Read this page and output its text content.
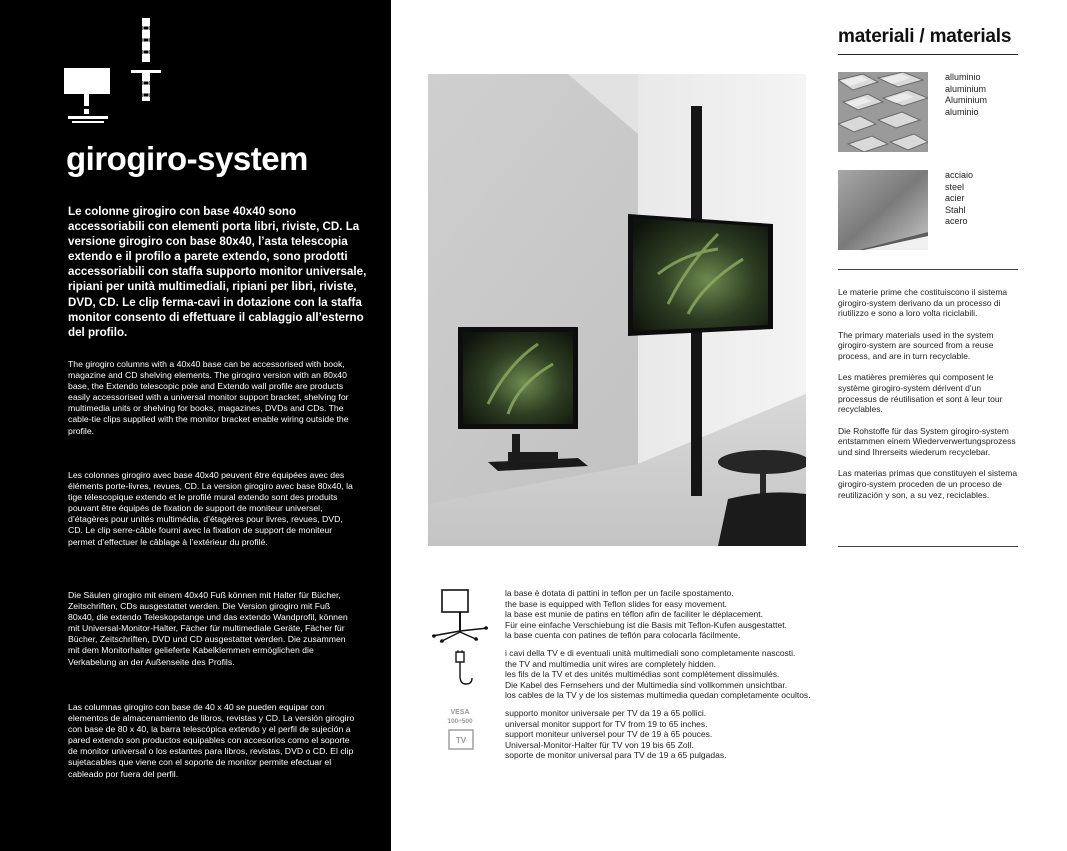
girogiro-system

Le colonne girogiro con base 40x40 sono accessoriabili con elementi porta libri, riviste, CD. La versione girogiro con base 80x40, l’asta telescopia extendo e il profilo a parete extendo, sono prodotti accessoriabili con staffa supporto monitor universale, ripiani per unità multimediali, ripiani per libri, riviste, DVD, CD. Le clip ferma-cavi in dotazione con la staffa monitor consento di effettuare il cablaggio all’esterno del profilo.

The girogiro columns with a 40x40 base can be accessorised with book, magazine and CD shelving elements. The girogiro version with an 80x40 base, the Extendo telescopic pole and Extendo wall profile are products easily accessorised with a universal monitor support bracket, shelving for multimedia units or shelving for books, magazines, DVDs and CDs. The cable-tie clips supplied with the monitor bracket enable wiring outside the profile.

Les colonnes girogiro avec base 40x40 peuvent être équipées avec des éléments porte-livres, revues, CD. La version girogiro avec base 80x40, la tige télescopique extendo et le profilé mural extendo sont des produits pouvant être équipés de fixation de support de moniteur universel, d’étagères pour unités multimédia, d’étagères pour livres, revues, DVD, CD. Le clip serre-câble fourni avec la fixation de support de moniteur permet d’effectuer le câblage à l’extérieur du profilé.

Die Säulen girogiro mit einem 40x40 Fuß können mit Halter für Bücher, Zeitschriften, CDs ausgestattet werden. Die Version girogiro mit Fuß 80x40, die extendo Teleskopstange und das extendo Wandprofil, können mit Universal-Monitor-Halter, Fächer für multimediale Geräte, Fächer für Bücher, Zeitschriften, DVD und CD ausgestattet werden. Die zusammen mit dem Monitorhalter gelieferte Kabelklemmen ermöglichen die Verkabelung an der Außenseite des Profils.

Las columnas girogiro con base de 40 x 40 se pueden equipar con elementos de almacenamiento de libros, revistas y CD. La versión girogiro con base de 80 x 40, la barra telescópica extendo y el perfil de sujeción a pared extendo son productos equipables con accesorios como el soporte de monitor universal o los estantes para libros, revistas, DVD o CD. El clip sujetacables que viene con el soporte de monitor permite efectuar el cableado por fuera del perfil.

materiali / materials
alluminio
aluminium
Aluminium
aluminio
acciaio
steel
acier
Stahl
acero

Le materie prime che costituiscono il sistema girogiro-system derivano da un processo di riutilizzo e sono a loro volta riciclabili.

The primary materials used in the system girogiro-system are sourced from a reuse process, and are in turn recyclable.

Les matières premières qui composent le système girogiro-system dérivent d’un processus de réutilisation et sont à leur tour recyclables.

Die Rohstoffe für das System girogiro-system entstammen einem Wiederverwertungsprozess und sind Ihrerseits wiederum recyclebar.

Las materias primas que constituyen el sistema girogiro-system proceden de un proceso de reutilización y son, a su vez, reciclables.

la base è dotata di pattini in teflon per un facile spostamento.
the base is equipped with Teflon slides for easy movement.
la base est munie de patins en téflon afin de faciliter le déplacement.
Für eine einfache Verschiebung ist die Basis mit Teflon-Kufen ausgestattet.
la base cuenta con patines de teflón para colocarla fácilmente.
i cavi della TV e di eventuali unità multimediali sono completamente nascosti.
the TV and multimedia unit wires are completely hidden.
les fils de la TV et des unités multimédias sont complètement dissimulés.
Die Kabel des Fernsehers und der Multimedia sind vollkommen unsichtbar.
los cables de la TV y de los sistemas multimedia quedan completamente ocultos.
VESA
100÷500
TV
supporto monitor universale per TV da 19 a 65 pollici.
universal monitor support for TV from 19 to 65 inches.
support moniteur universel pour TV de 19 à 65 pouces.
Universal-Monitor-Halter für TV von 19 bis 65 Zoll.
soporte de monitor universal para TV de 19 a 65 pulgadas.
